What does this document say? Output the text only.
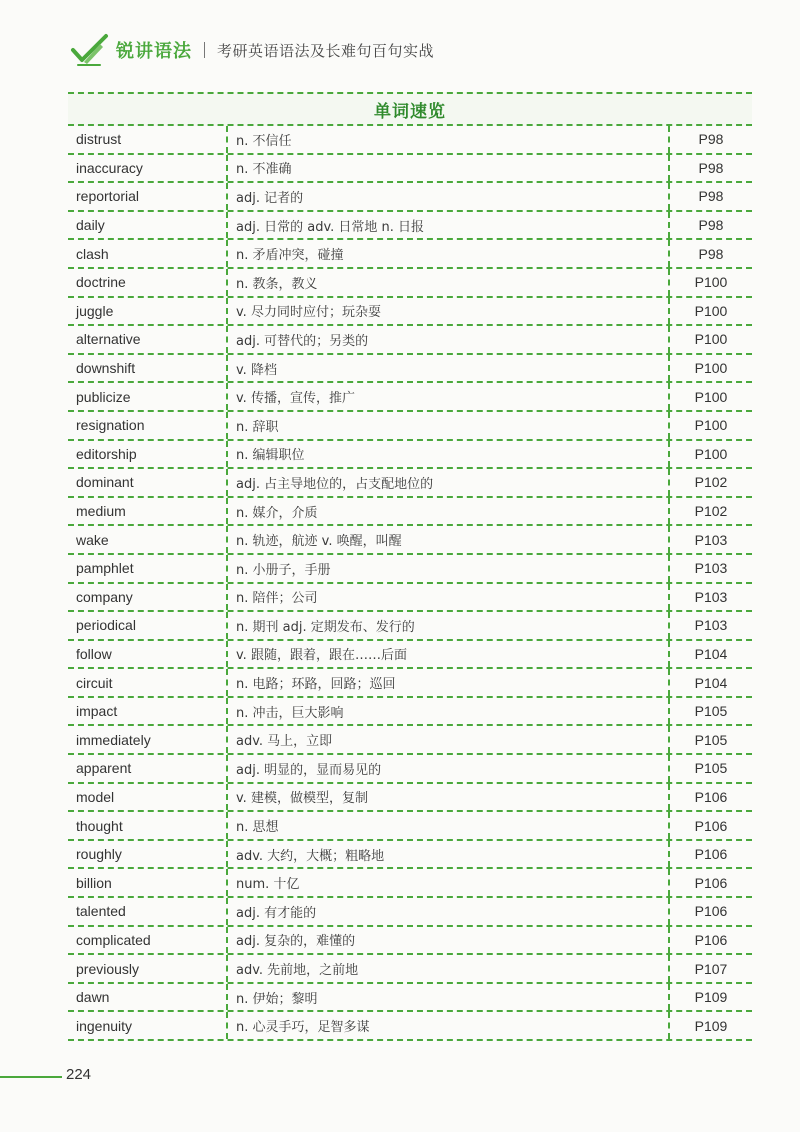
锐讲语法 考研英语语法及长难句百句实战
单词速览
distrust	n. 不信任	P98
inaccuracy	n. 不准确	P98
reportorial	adj. 记者的	P98
daily	adj. 日常的 adv. 日常地 n. 日报	P98
clash	n. 矛盾冲突，碰撞	P98
doctrine	n. 教条，教义	P100
juggle	v. 尽力同时应付；玩杂耍	P100
alternative	adj. 可替代的；另类的	P100
downshift	v. 降档	P100
publicize	v. 传播，宣传，推广	P100
resignation	n. 辞职	P100
editorship	n. 编辑职位	P100
dominant	adj. 占主导地位的，占支配地位的	P102
medium	n. 媒介，介质	P102
wake	n. 轨迹，航迹 v. 唤醒，叫醒	P103
pamphlet	n. 小册子，手册	P103
company	n. 陪伴；公司	P103
periodical	n. 期刊 adj. 定期发布、发行的	P103
follow	v. 跟随，跟着，跟在……后面	P104
circuit	n. 电路；环路，回路；巡回	P104
impact	n. 冲击，巨大影响	P105
immediately	adv. 马上，立即	P105
apparent	adj. 明显的，显而易见的	P105
model	v. 建模，做模型，复制	P106
thought	n. 思想	P106
roughly	adv. 大约，大概；粗略地	P106
billion	num. 十亿	P106
talented	adj. 有才能的	P106
complicated	adj. 复杂的，难懂的	P106
previously	adv. 先前地，之前地	P107
dawn	n. 伊始；黎明	P109
ingenuity	n. 心灵手巧，足智多谋	P109
224
